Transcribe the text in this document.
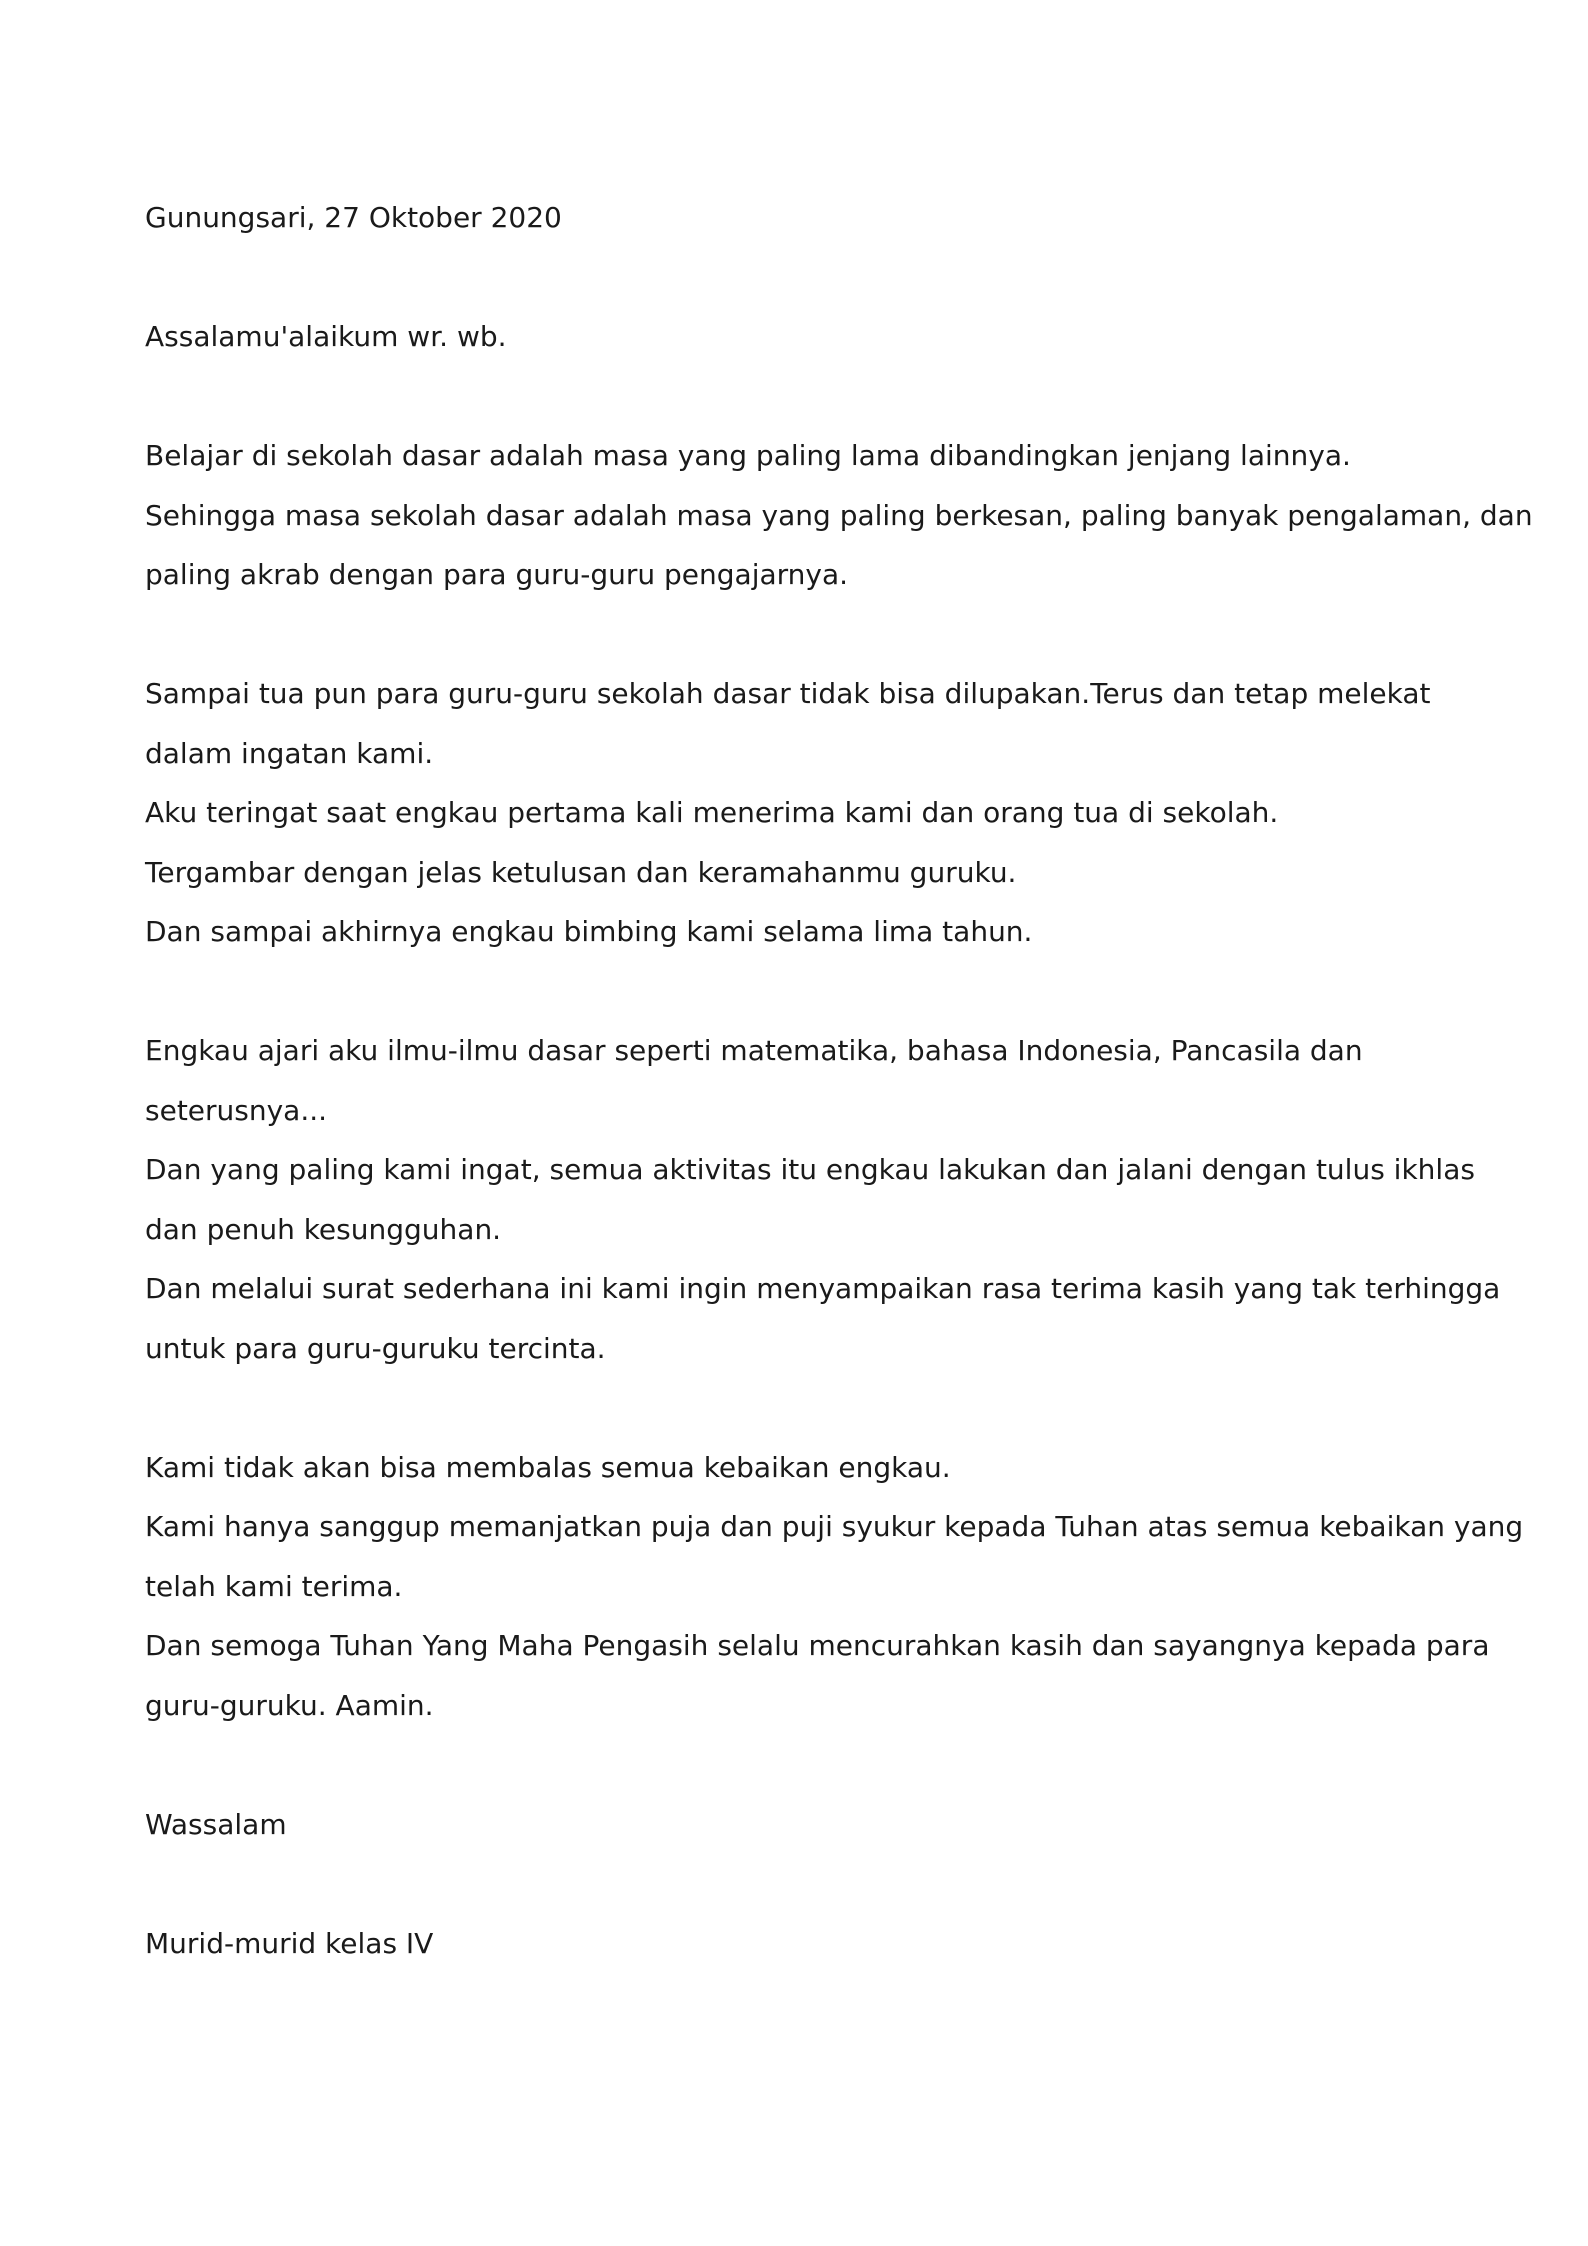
Gunungsari, 27 Oktober 2020
Assalamu'alaikum wr. wb.
Belajar di sekolah dasar adalah masa yang paling lama dibandingkan jenjang lainnya.
Sehingga masa sekolah dasar adalah masa yang paling berkesan, paling banyak pengalaman, dan
paling akrab dengan para guru-guru pengajarnya.
Sampai tua pun para guru-guru sekolah dasar tidak bisa dilupakan.Terus dan tetap melekat
dalam ingatan kami.
Aku teringat saat engkau pertama kali menerima kami dan orang tua di sekolah.
Tergambar dengan jelas ketulusan dan keramahanmu guruku.
Dan sampai akhirnya engkau bimbing kami selama lima tahun.
Engkau ajari aku ilmu-ilmu dasar seperti matematika, bahasa Indonesia, Pancasila dan
seterusnya...
Dan yang paling kami ingat, semua aktivitas itu engkau lakukan dan jalani dengan tulus ikhlas
dan penuh kesungguhan.
Dan melalui surat sederhana ini kami ingin menyampaikan rasa terima kasih yang tak terhingga
untuk para guru-guruku tercinta.
Kami tidak akan bisa membalas semua kebaikan engkau.
Kami hanya sanggup memanjatkan puja dan puji syukur kepada Tuhan atas semua kebaikan yang
telah kami terima.
Dan semoga Tuhan Yang Maha Pengasih selalu mencurahkan kasih dan sayangnya kepada para
guru-guruku. Aamin.
Wassalam
Murid-murid kelas IV
